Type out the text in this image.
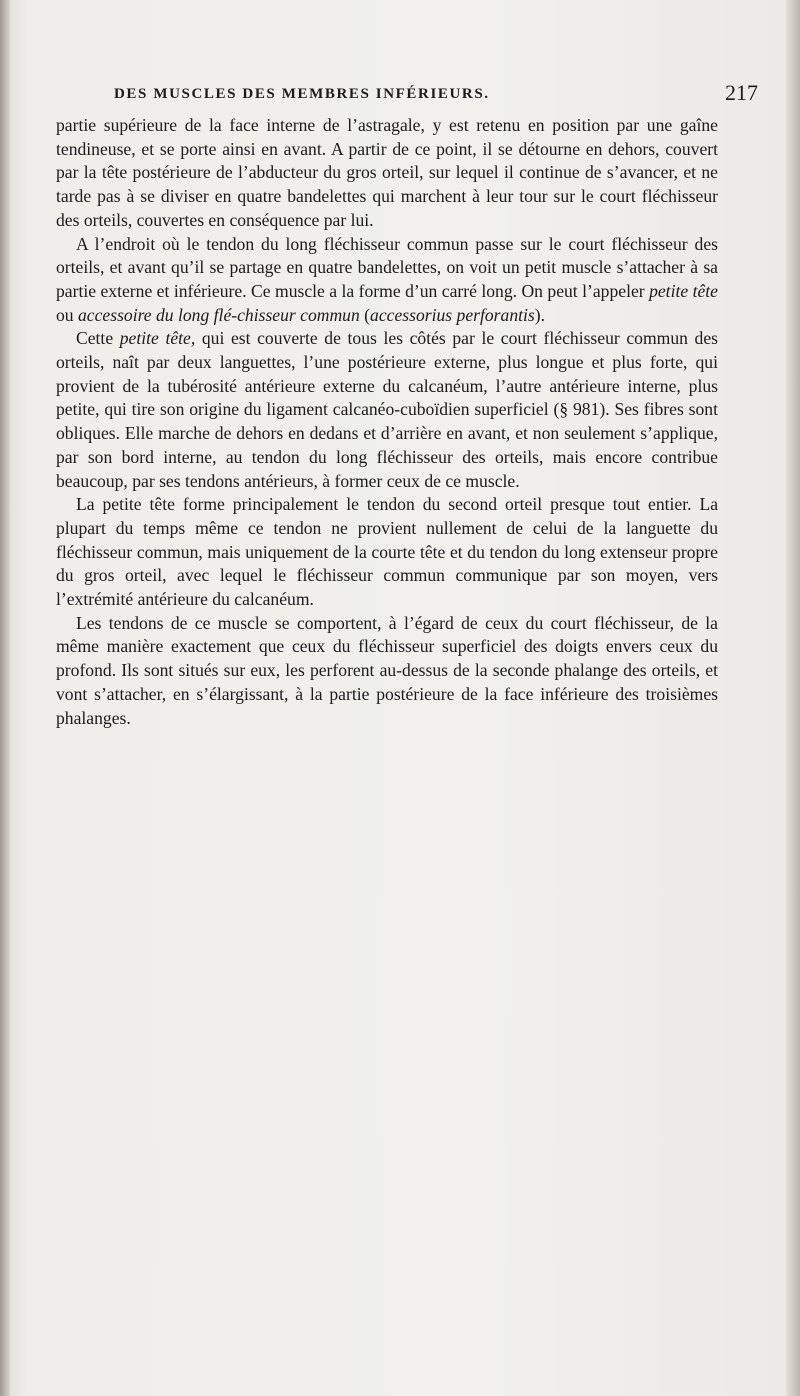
DES MUSCLES DES MEMBRES INFÉRIEURS.	217

partie supérieure de la face interne de l’astragale, y est retenu en position par une gaîne tendineuse, et se porte ainsi en avant. A partir de ce point, il se détourne en dehors, couvert par la tête postérieure de l’abducteur du gros orteil, sur lequel il continue de s’avancer, et ne tarde pas à se diviser en quatre bandelettes qui marchent à leur tour sur le court fléchisseur des orteils, couvertes en conséquence par lui.

A l’endroit où le tendon du long fléchisseur commun passe sur le court fléchisseur des orteils, et avant qu’il se partage en quatre bandelettes, on voit un petit muscle s’attacher à sa partie externe et inférieure. Ce muscle a la forme d’un carré long. On peut l’appeler petite tête ou accessoire du long flé-chisseur commun (accessorius perforantis).

Cette petite tête, qui est couverte de tous les côtés par le court fléchisseur commun des orteils, naît par deux languettes, l’une postérieure externe, plus longue et plus forte, qui provient de la tubérosité antérieure externe du calcanéum, l’autre antérieure interne, plus petite, qui tire son origine du ligament calcanéo-cuboïdien superficiel (§ 981). Ses fibres sont obliques. Elle marche de dehors en dedans et d’arrière en avant, et non seulement s’applique, par son bord interne, au tendon du long fléchisseur des orteils, mais encore contribue beaucoup, par ses tendons antérieurs, à former ceux de ce muscle.

La petite tête forme principalement le tendon du second orteil presque tout entier. La plupart du temps même ce tendon ne provient nullement de celui de la languette du fléchisseur commun, mais uniquement de la courte tête et du tendon du long extenseur propre du gros orteil, avec lequel le fléchisseur commun communique par son moyen, vers l’extrémité antérieure du calcanéum.

Les tendons de ce muscle se comportent, à l’égard de ceux du court fléchisseur, de la même manière exactement que ceux du fléchisseur superficiel des doigts envers ceux du profond. Ils sont situés sur eux, les perforent au-dessus de la seconde phalange des orteils, et vont s’attacher, en s’élargissant, à la partie postérieure de la face inférieure des troisièmes phalanges.
